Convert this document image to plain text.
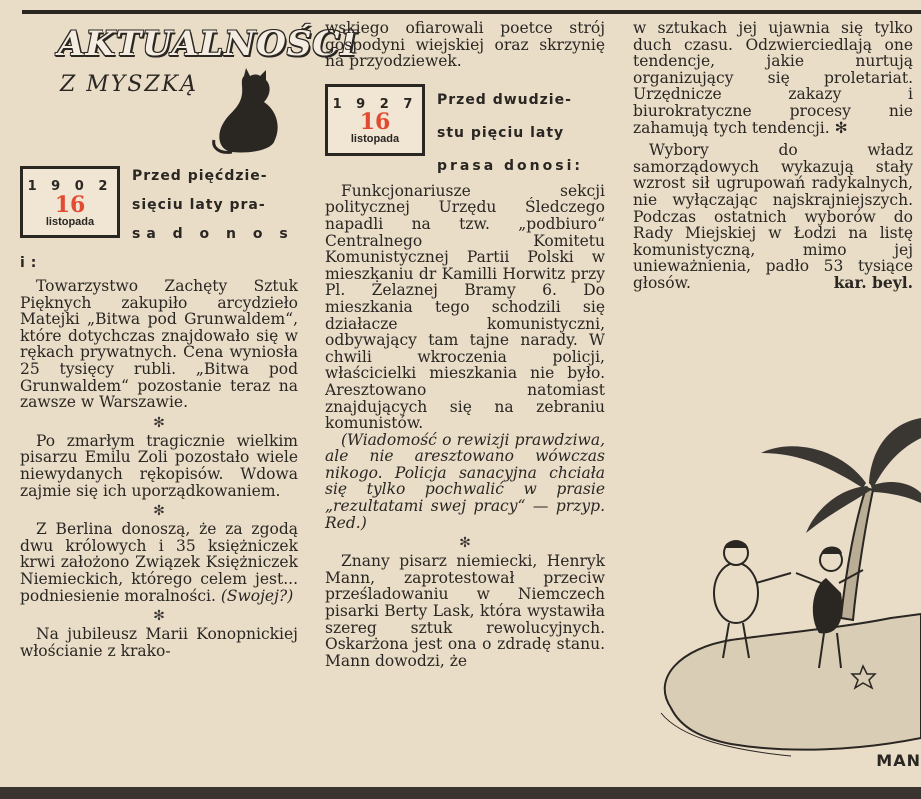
AKTUALNOŚCI
Z MYSZKĄ
1 9 0 2
16
listopada
Przed pięćdzie-
sięciu laty pra-
sa d o n o s i:

Towarzystwo Zachęty Sztuk Pięknych zakupiło arcydzieło Matejki „Bitwa pod Grunwaldem“, które dotychczas znajdowało się w rękach prywatnych. Cena wyniosła 25 tysięcy rubli. „Bitwa pod Grunwaldem“ pozostanie teraz na zawsze w Warszawie.

✻

Po zmarłym tragicznie wielkim pisarzu Emilu Zoli pozostało wiele niewydanych rękopisów. Wdowa zajmie się ich uporządkowaniem.

✻

Z Berlina donoszą, że za zgodą dwu królowych i 35 księżniczek krwi założono Związek Księżniczek Niemieckich, którego celem jest... podniesienie moralności. (Swojej?)

✻

Na jubileusz Marii Konopnickiej włościanie z krako-

wskiego ofiarowali poetce strój gospodyni wiejskiej oraz skrzynię na przyodziewek.

1 9 2 7
16
listopada
Przed dwudzie-
stu pięciu laty
prasa donosi:

Funkcjonariusze sekcji politycznej Urzędu Śledczego napadli na tzw. „podbiuro“ Centralnego Komitetu Komunistycznej Partii Polski w mieszkaniu dr Kamilli Horwitz przy Pl. Żelaznej Bramy 6. Do mieszkania tego schodzili się działacze komunistyczni, odbywający tam tajne narady. W chwili wkroczenia policji, właścicielki mieszkania nie było. Aresztowano natomiast znajdujących się na zebraniu komunistów.

(Wiadomość o rewizji prawdziwa, ale nie aresztowano wówczas nikogo. Policja sanacyjna chciała się tylko pochwalić w prasie „rezultatami swej pracy“ — przyp. Red.)

✻

Znany pisarz niemiecki, Henryk Mann, zaprotestował przeciw prześladowaniu w Niemczech pisarki Berty Lask, która wystawiła szereg sztuk rewolucyjnych. Oskarżona jest ona o zdradę stanu. Mann dowodzi, że

w sztukach jej ujawnia się tylko duch czasu. Odzwierciedlają one tendencje, jakie nurtują organizujący się proletariat. Urzędnicze zakazy i biurokratyczne procesy nie zahamują tych tendencji. ✻

Wybory do władz samorządowych wykazują stały wzrost sił ugrupowań radykalnych, nie wyłączając najskrajniejszych. Podczas ostatnich wyborów do Rady Miejskiej w Łodzi na listę komunistyczną, mimo jej unieważnienia, padło 53 tysiące głosów.	kar. beyl.

MAN
